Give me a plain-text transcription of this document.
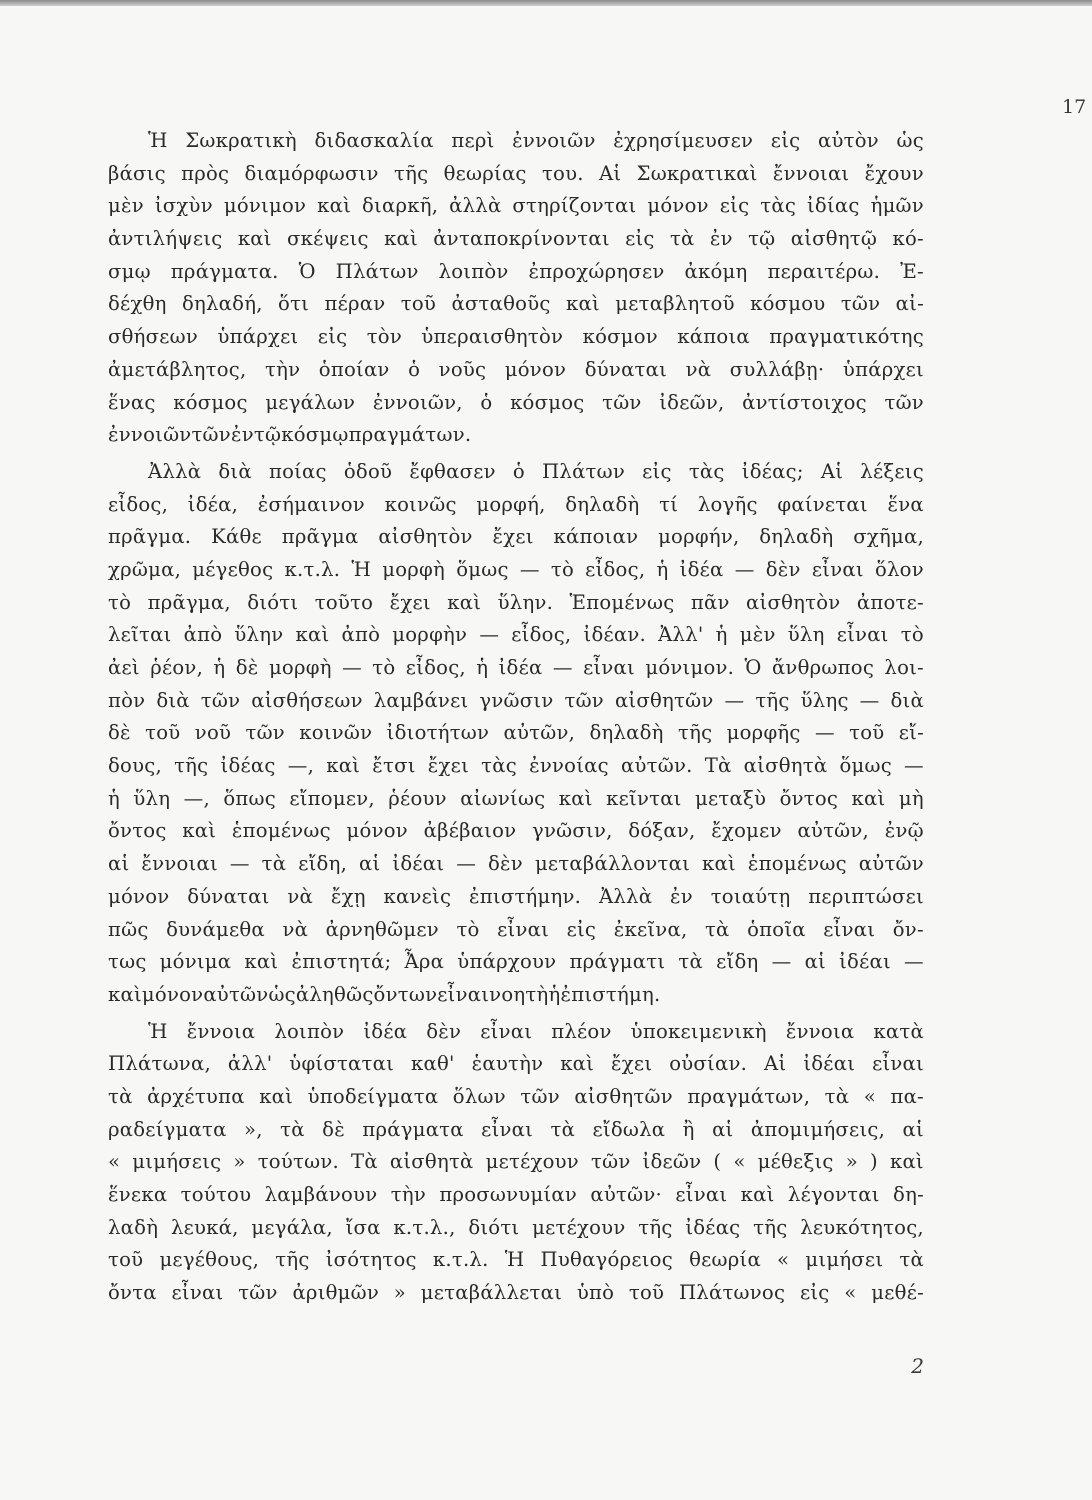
17
Ἡ Σωκρατικὴ διδασκαλία περὶ ἐννοιῶν ἐχρησίμευσεν εἰς αὐτὸν ὡς
βάσις πρὸς διαμόρφωσιν τῆς θεωρίας του. Αἱ Σωκρατικαὶ ἔννοιαι ἔχουν
μὲν ἰσχὺν μόνιμον καὶ διαρκῆ, ἀλλὰ στηρίζονται μόνον εἰς τὰς ἰδίας ἡμῶν
ἀντιλήψεις καὶ σκέψεις καὶ ἀνταποκρίνονται εἰς τὰ ἐν τῷ αἰσθητῷ κό-
σμῳ πράγματα. Ὁ Πλάτων λοιπὸν ἐπροχώρησεν ἀκόμη περαιτέρω. Ἐ-
δέχθη δηλαδή, ὅτι πέραν τοῦ ἀσταθοῦς καὶ μεταβλητοῦ κόσμου τῶν αἰ-
σθήσεων ὑπάρχει εἰς τὸν ὑπεραισθητὸν κόσμον κάποια πραγματικότης
ἀμετάβλητος, τὴν ὁποίαν ὁ νοῦς μόνον δύναται νὰ συλλάβῃ· ὑπάρχει
ἕνας κόσμος μεγάλων ἐννοιῶν, ὁ κόσμος τῶν ἰδεῶν, ἀντίστοιχος τῶν
ἐννοιῶν τῶν ἐν τῷ κόσμῳ πραγμάτων.
Ἀλλὰ διὰ ποίας ὁδοῦ ἔφθασεν ὁ Πλάτων εἰς τὰς ἰδέας; Αἱ λέξεις
εἶδος, ἰδέα, ἐσήμαινον κοινῶς μορφή, δηλαδὴ τί λογῆς φαίνεται ἕνα
πρᾶγμα. Κάθε πρᾶγμα αἰσθητὸν ἔχει κάποιαν μορφήν, δηλαδὴ σχῆμα,
χρῶμα, μέγεθος κ.τ.λ. Ἡ μορφὴ ὅμως — τὸ εἶδος, ἡ ἰδέα — δὲν εἶναι ὅλον
τὸ πρᾶγμα, διότι τοῦτο ἔχει καὶ ὕλην. Ἑπομένως πᾶν αἰσθητὸν ἀποτε-
λεῖται ἀπὸ ὕλην καὶ ἀπὸ μορφὴν — εἶδος, ἰδέαν. Ἀλλ' ἡ μὲν ὕλη εἶναι τὸ
ἀεὶ ῥέον, ἡ δὲ μορφὴ — τὸ εἶδος, ἡ ἰδέα — εἶναι μόνιμον. Ὁ ἄνθρωπος λοι-
πὸν διὰ τῶν αἰσθήσεων λαμβάνει γνῶσιν τῶν αἰσθητῶν — τῆς ὕλης — διὰ
δὲ τοῦ νοῦ τῶν κοινῶν ἰδιοτήτων αὐτῶν, δηλαδὴ τῆς μορφῆς — τοῦ εἴ-
δους, τῆς ἰδέας —, καὶ ἔτσι ἔχει τὰς ἐννοίας αὐτῶν. Τὰ αἰσθητὰ ὅμως —
ἡ ὕλη —, ὅπως εἴπομεν, ῥέουν αἰωνίως καὶ κεῖνται μεταξὺ ὄντος καὶ μὴ
ὄντος καὶ ἑπομένως μόνον ἀβέβαιον γνῶσιν, δόξαν, ἔχομεν αὐτῶν, ἐνῷ
αἱ ἔννοιαι — τὰ εἴδη, αἱ ἰδέαι — δὲν μεταβάλλονται καὶ ἑπομένως αὐτῶν
μόνον δύναται νὰ ἔχῃ κανεὶς ἐπιστήμην. Ἀλλὰ ἐν τοιαύτῃ περιπτώσει
πῶς δυνάμεθα νὰ ἀρνηθῶμεν τὸ εἶναι εἰς ἐκεῖνα, τὰ ὁποῖα εἶναι ὄν-
τως μόνιμα καὶ ἐπιστητά; Ἆρα ὑπάρχουν πράγματι τὰ εἴδη — αἱ ἰδέαι —
καὶ μόνον αὐτῶν ὡς ἀληθῶς ὄντων εἶναι νοητὴ ἡ ἐπιστήμη.
Ἡ ἔννοια λοιπὸν ἰδέα δὲν εἶναι πλέον ὑποκειμενικὴ ἔννοια κατὰ
Πλάτωνα, ἀλλ' ὑφίσταται καθ' ἑαυτὴν καὶ ἔχει οὐσίαν. Αἱ ἰδέαι εἶναι
τὰ ἀρχέτυπα καὶ ὑποδείγματα ὅλων τῶν αἰσθητῶν πραγμάτων, τὰ « πα-
ραδείγματα », τὰ δὲ πράγματα εἶναι τὰ εἴδωλα ἢ αἱ ἀπομιμήσεις, αἱ
« μιμήσεις » τούτων. Τὰ αἰσθητὰ μετέχουν τῶν ἰδεῶν ( « μέθεξις » ) καὶ
ἕνεκα τούτου λαμβάνουν τὴν προσωνυμίαν αὐτῶν· εἶναι καὶ λέγονται δη-
λαδὴ λευκά, μεγάλα, ἴσα κ.τ.λ., διότι μετέχουν τῆς ἰδέας τῆς λευκότητος,
τοῦ μεγέθους, τῆς ἰσότητος κ.τ.λ. Ἡ Πυθαγόρειος θεωρία « μιμήσει τὰ
ὄντα εἶναι τῶν ἀριθμῶν » μεταβάλλεται ὑπὸ τοῦ Πλάτωνος εἰς « μεθέ-
2
